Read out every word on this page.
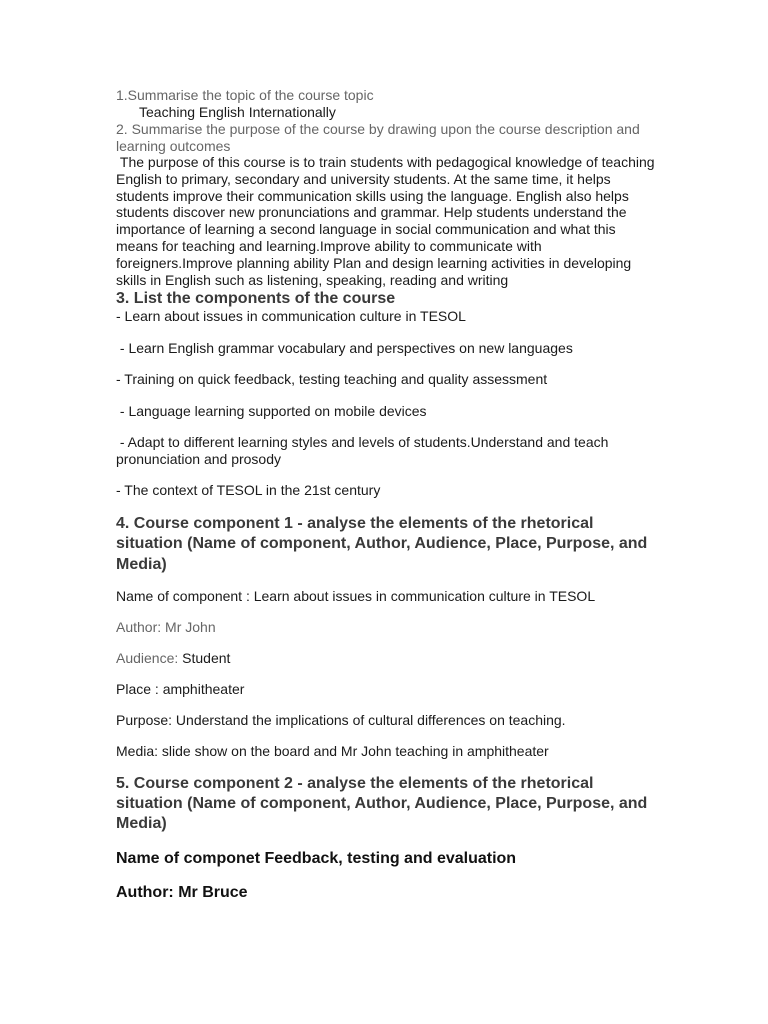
1.Summarise the topic of the course topic

Teaching English Internationally

2. Summarise the purpose of the course by drawing upon the course description and learning outcomes

The purpose of this course is to train students with pedagogical knowledge of teaching English to primary, secondary and university students. At the same time, it helps students improve their communication skills using the language. English also helps students discover new pronunciations and grammar. Help students understand the importance of learning a second language in social communication and what this means for teaching and learning.Improve ability to communicate with foreigners.Improve planning ability Plan and design learning activities in developing skills in English such as listening, speaking, reading and writing

3. List the components of the course

- Learn about issues in communication culture in TESOL

- Learn English grammar vocabulary and perspectives on new languages

- Training on quick feedback, testing teaching and quality assessment

- Language learning supported on mobile devices

- Adapt to different learning styles and levels of students.Understand and teach pronunciation and prosody

- The context of TESOL in the 21st century

4. Course component 1 - analyse the elements of the rhetorical situation (Name of component, Author, Audience, Place, Purpose, and Media)

Name of component : Learn about issues in communication culture in TESOL

Author: Mr John

Audience: Student

Place : amphitheater

Purpose: Understand the implications of cultural differences on teaching.

Media: slide show on the board and Mr John teaching in amphitheater

5. Course component 2 - analyse the elements of the rhetorical situation (Name of component, Author, Audience, Place, Purpose, and Media)

Name of componet Feedback, testing and evaluation

Author: Mr Bruce
